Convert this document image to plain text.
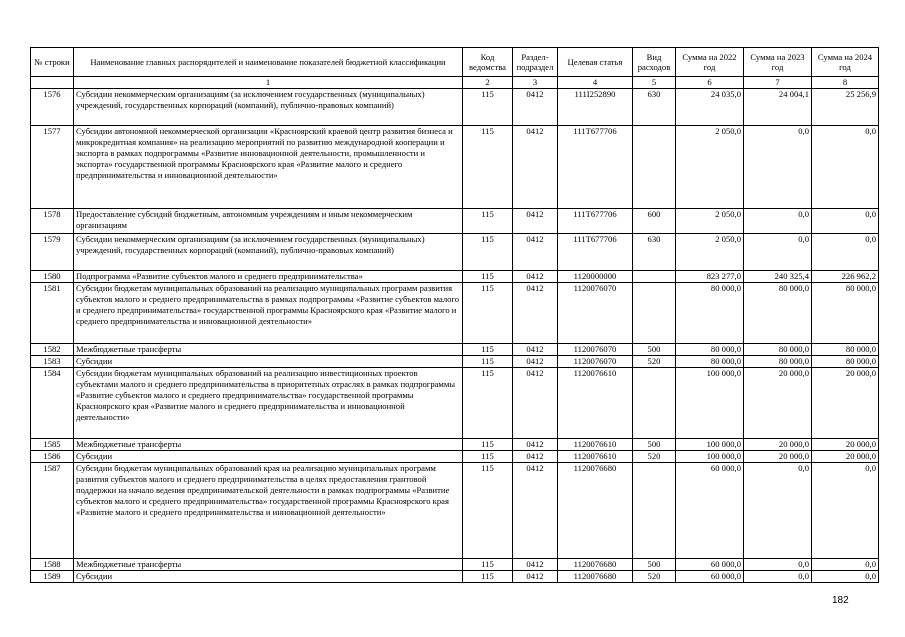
№ строки	Наименование главных распорядителей и наименование показателей бюджетной классификации	Код ведомства	Раздел-подраздел	Целевая статья	Вид расходов	Сумма на 2022 год	Сумма на 2023 год	Сумма на 2024 год
	1	2	3	4	5	6	7	8
1576	Субсидии некоммерческим организациям (за исключением государственных (муниципальных) учреждений, государственных корпораций (компаний), публично-правовых компаний)	115	0412	111I252890	630	24 035,0	24 004,1	25 256,9
1577	Субсидии автономной некоммерческой организации «Красноярский краевой центр развития бизнеса и микрокредитная компания» на реализацию мероприятий по развитию международной кооперации и экспорта в рамках подпрограммы «Развитие инновационной деятельности, промышленности и экспорта» государственной программы Красноярского края «Развитие малого и среднего предпринимательства и инновационной деятельности»	115	0412	111T677706		2 050,0	0,0	0,0
1578	Предоставление субсидий бюджетным, автономным учреждениям и иным некоммерческим организациям	115	0412	111T677706	600	2 050,0	0,0	0,0
1579	Субсидии некоммерческим организациям (за исключением государственных (муниципальных) учреждений, государственных корпораций (компаний), публично-правовых компаний)	115	0412	111T677706	630	2 050,0	0,0	0,0
1580	Подпрограмма «Развитие субъектов малого и среднего предпринимательства»	115	0412	1120000000		823 277,0	240 325,4	226 962,2
1581	Субсидии бюджетам муниципальных образований на реализацию муниципальных программ развития субъектов малого и среднего предпринимательства в рамках подпрограммы «Развитие субъектов малого и среднего предпринимательства» государственной программы Красноярского края «Развитие малого и среднего предпринимательства и инновационной деятельности»	115	0412	1120076070		80 000,0	80 000,0	80 000,0
1582	Межбюджетные трансферты	115	0412	1120076070	500	80 000,0	80 000,0	80 000,0
1583	Субсидии	115	0412	1120076070	520	80 000,0	80 000,0	80 000,0
1584	Субсидии бюджетам муниципальных образований на реализацию инвестиционных проектов субъектами малого и среднего предпринимательства в приоритетных отраслях в рамках подпрограммы «Развитие субъектов малого и среднего предпринимательства» государственной программы Красноярского края «Развитие малого и среднего предпринимательства и инновационной деятельности»	115	0412	1120076610		100 000,0	20 000,0	20 000,0
1585	Межбюджетные трансферты	115	0412	1120076610	500	100 000,0	20 000,0	20 000,0
1586	Субсидии	115	0412	1120076610	520	100 000,0	20 000,0	20 000,0
1587	Субсидии бюджетам муниципальных образований края на реализацию муниципальных программ развития субъектов малого и среднего предпринимательства в целях предоставления грантовой поддержки на начало ведения предпринимательской деятельности в рамках подпрограммы «Развитие субъектов малого и среднего предпринимательства» государственной программы Красноярского края «Развитие малого и среднего предпринимательства и инновационной деятельности»	115	0412	1120076680		60 000,0	0,0	0,0
1588	Межбюджетные трансферты	115	0412	1120076680	500	60 000,0	0,0	0,0
1589	Субсидии	115	0412	1120076680	520	60 000,0	0,0	0,0
182
